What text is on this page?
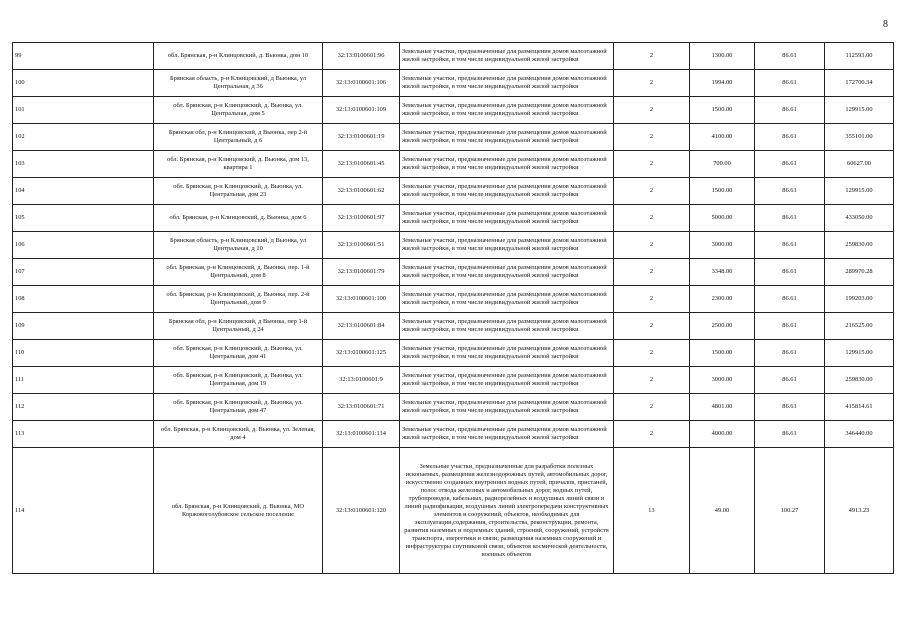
8
99	обл. Брянская, р-н Клинцовский, д. Вьюнка, дом 10	32:13:0100601:96	Земельные участки, предназначенные для размещения домов малоэтажной жилой застройки, в том числе индивидуальной жилой застройки	2	1300.00	86.61	112593.00
100	Брянская область, р-н Клинцовский, д Вьюнка, ул Центральная, д 36	32:13:0100601:106	Земельные участки, предназначенные для размещения домов малоэтажной жилой застройки, в том числе индивидуальной жилой застройки	2	1994.00	86.61	172700.34
101	обл. Брянская, р-н Клинцовский, д. Вьюнка, ул. Центральная, дом 5	32:13:0100601:109	Земельные участки, предназначенные для размещения домов малоэтажной жилой застройки, в том числе индивидуальной жилой застройки	2	1500.00	86.61	129915.00
102	Брянская обл, р-н Клинцовский, д Вьюнка, пер 2-й Центральный, д 6	32:13:0100601:19	Земельные участки, предназначенные для размещения домов малоэтажной жилой застройки, в том числе индивидуальной жилой застройки	2	4100.00	86.61	355101.00
103	обл. Брянская, р-н Клинцовский, д. Вьюнка, дом 13, квартира 1	32:13:0100601:45	Земельные участки, предназначенные для размещения домов малоэтажной жилой застройки, в том числе индивидуальной жилой застройки	2	700.00	86.61	60627.00
104	обл. Брянская, р-н Клинцовский, д. Вьюнка, ул. Центральная, дом 23	32:13:0100601:62	Земельные участки, предназначенные для размещения домов малоэтажной жилой застройки, в том числе индивидуальной жилой застройки	2	1500.00	86.61	129915.00
105	обл. Брянская, р-н Клинцовский, д. Вьюнка, дом 6	32:13:0100601:97	Земельные участки, предназначенные для размещения домов малоэтажной жилой застройки, в том числе индивидуальной жилой застройки	2	5000.00	86.61	433050.00
106	Брянская область, р-н Клинцовский, д Вьюнка, ул Центральная, д 10	32:13:0100601:51	Земельные участки, предназначенные для размещения домов малоэтажной жилой застройки, в том числе индивидуальной жилой застройки	2	3000.00	86.61	259830.00
107	обл. Брянская, р-н Клинцовский, д. Вьюнка, пер. 1-й Центральный, дом 8	32:13:0100601:79	Земельные участки, предназначенные для размещения домов малоэтажной жилой застройки, в том числе индивидуальной жилой застройки	2	3348.00	86.61	289970.28
108	обл. Брянская, р-н Клинцовский, д. Вьюнка, пер. 2-й Центральный, дом 9	32:13:0100601:100	Земельные участки, предназначенные для размещения домов малоэтажной жилой застройки, в том числе индивидуальной жилой застройки	2	2300.00	86.61	199203.00
109	Брянская обл, р-н Клинцовский, д Вьюнка, пер 1-й Центральный, д 24	32:13:0100601:84	Земельные участки, предназначенные для размещения домов малоэтажной жилой застройки, в том числе индивидуальной жилой застройки	2	2500.00	86.61	216525.00
110	обл. Брянская, р-н Клинцовский, д. Вьюнка, ул. Центральная, дом 41	32:13:0100601:125	Земельные участки, предназначенные для размещения домов малоэтажной жилой застройки, в том числе индивидуальной жилой застройки	2	1500.00	86.61	129915.00
111	обл. Брянская, р-н Клинцовский, д. Вьюнка, ул. Центральная, дом 19	32:13:0100601:9	Земельные участки, предназначенные для размещения домов малоэтажной жилой застройки, в том числе индивидуальной жилой застройки	2	3000.00	86.61	259830.00
112	обл. Брянская, р-н Клинцовский, д. Вьюнка, ул. Центральная, дом 47	32:13:0100601:71	Земельные участки, предназначенные для размещения домов малоэтажной жилой застройки, в том числе индивидуальной жилой застройки	2	4801.00	86.61	415814.61
113	обл. Брянская, р-н Клинцовский, д. Вьюнка, ул. Зеленая, дом 4	32:13:0100601:114	Земельные участки, предназначенные для размещения домов малоэтажной жилой застройки, в том числе индивидуальной жилой застройки	2	4000.00	86.61	346440.00
114	обл. Брянская, р-н Клинцовский, д. Вьюнка, МО Коржовоголубовское сельское поселение	32:13:0100601:120	Земельные участки, предназначенные для разработки полезных ископаемых, размещения железнодорожных путей, автомобильных дорог, искусственно созданных внутренних водных путей, причалов, пристаней, полос отвода железных и автомобильных дорог, водных путей, трубопроводов, кабельных, радиорелейных и воздушных линий связи и линий радиофикации, воздушных линий электропередачи конструктивных элементов и сооружений, объектов, необходимых для эксплуатации,содержания, строительства, реконструкции, ремонта, развития наземных и подземных зданий, строений, сооружений, устройств транспорта, энергетики и связи; размещения наземных сооружений и инфраструктуры спутниковой связи, объектов космической деятельности, военных объектов	13	49.00	100.27	4913.23
